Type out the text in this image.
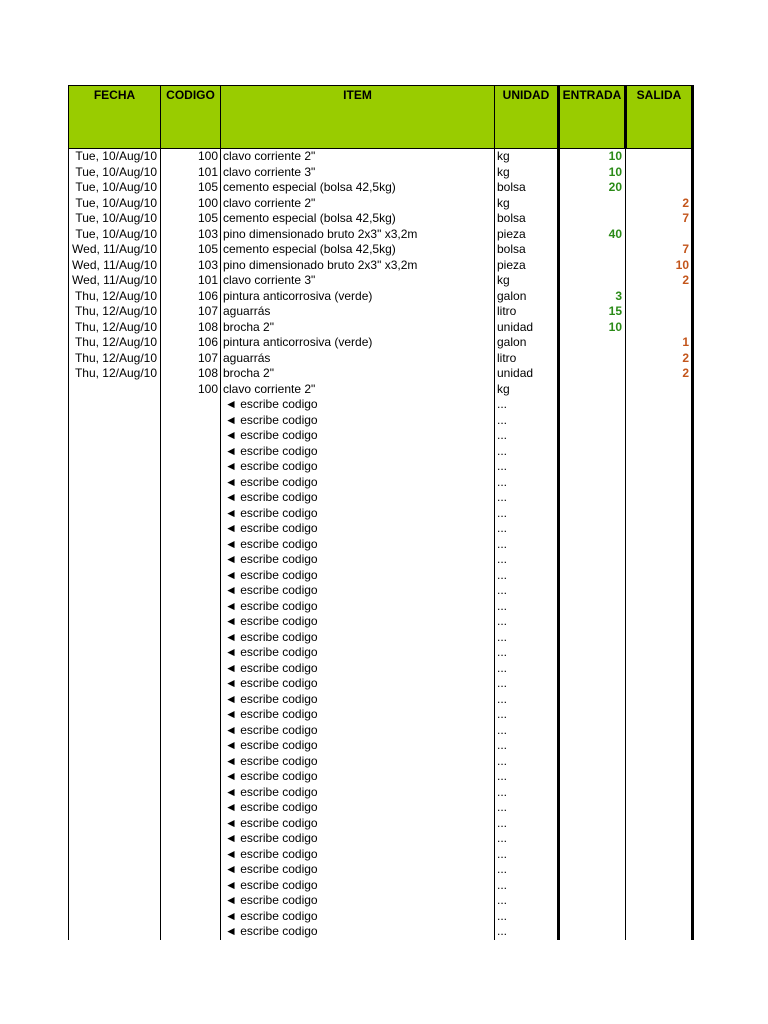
FECHA	CODIGO	ITEM	UNIDAD	ENTRADA	SALIDA
Tue, 10/Aug/10	100	clavo corriente 2"	kg	10	
Tue, 10/Aug/10	101	clavo corriente 3"	kg	10	
Tue, 10/Aug/10	105	cemento especial (bolsa 42,5kg)	bolsa	20	
Tue, 10/Aug/10	100	clavo corriente 2"	kg		2
Tue, 10/Aug/10	105	cemento especial (bolsa 42,5kg)	bolsa		7
Tue, 10/Aug/10	103	pino dimensionado bruto 2x3" x3,2m	pieza	40	
Wed, 11/Aug/10	105	cemento especial (bolsa 42,5kg)	bolsa		7
Wed, 11/Aug/10	103	pino dimensionado bruto 2x3" x3,2m	pieza		10
Wed, 11/Aug/10	101	clavo corriente 3"	kg		2
Thu, 12/Aug/10	106	pintura anticorrosiva (verde)	galon	3	
Thu, 12/Aug/10	107	aguarrás	litro	15	
Thu, 12/Aug/10	108	brocha 2"	unidad	10	
Thu, 12/Aug/10	106	pintura anticorrosiva (verde)	galon		1
Thu, 12/Aug/10	107	aguarrás	litro		2
Thu, 12/Aug/10	108	brocha 2"	unidad		2
	100	clavo corriente 2"	kg		
		◄ escribe codigo	...		
		◄ escribe codigo	...		
		◄ escribe codigo	...		
		◄ escribe codigo	...		
		◄ escribe codigo	...		
		◄ escribe codigo	...		
		◄ escribe codigo	...		
		◄ escribe codigo	...		
		◄ escribe codigo	...		
		◄ escribe codigo	...		
		◄ escribe codigo	...		
		◄ escribe codigo	...		
		◄ escribe codigo	...		
		◄ escribe codigo	...		
		◄ escribe codigo	...		
		◄ escribe codigo	...		
		◄ escribe codigo	...		
		◄ escribe codigo	...		
		◄ escribe codigo	...		
		◄ escribe codigo	...		
		◄ escribe codigo	...		
		◄ escribe codigo	...		
		◄ escribe codigo	...		
		◄ escribe codigo	...		
		◄ escribe codigo	...		
		◄ escribe codigo	...		
		◄ escribe codigo	...		
		◄ escribe codigo	...		
		◄ escribe codigo	...		
		◄ escribe codigo	...		
		◄ escribe codigo	...		
		◄ escribe codigo	...		
		◄ escribe codigo	...		
		◄ escribe codigo	...		
		◄ escribe codigo	...		
